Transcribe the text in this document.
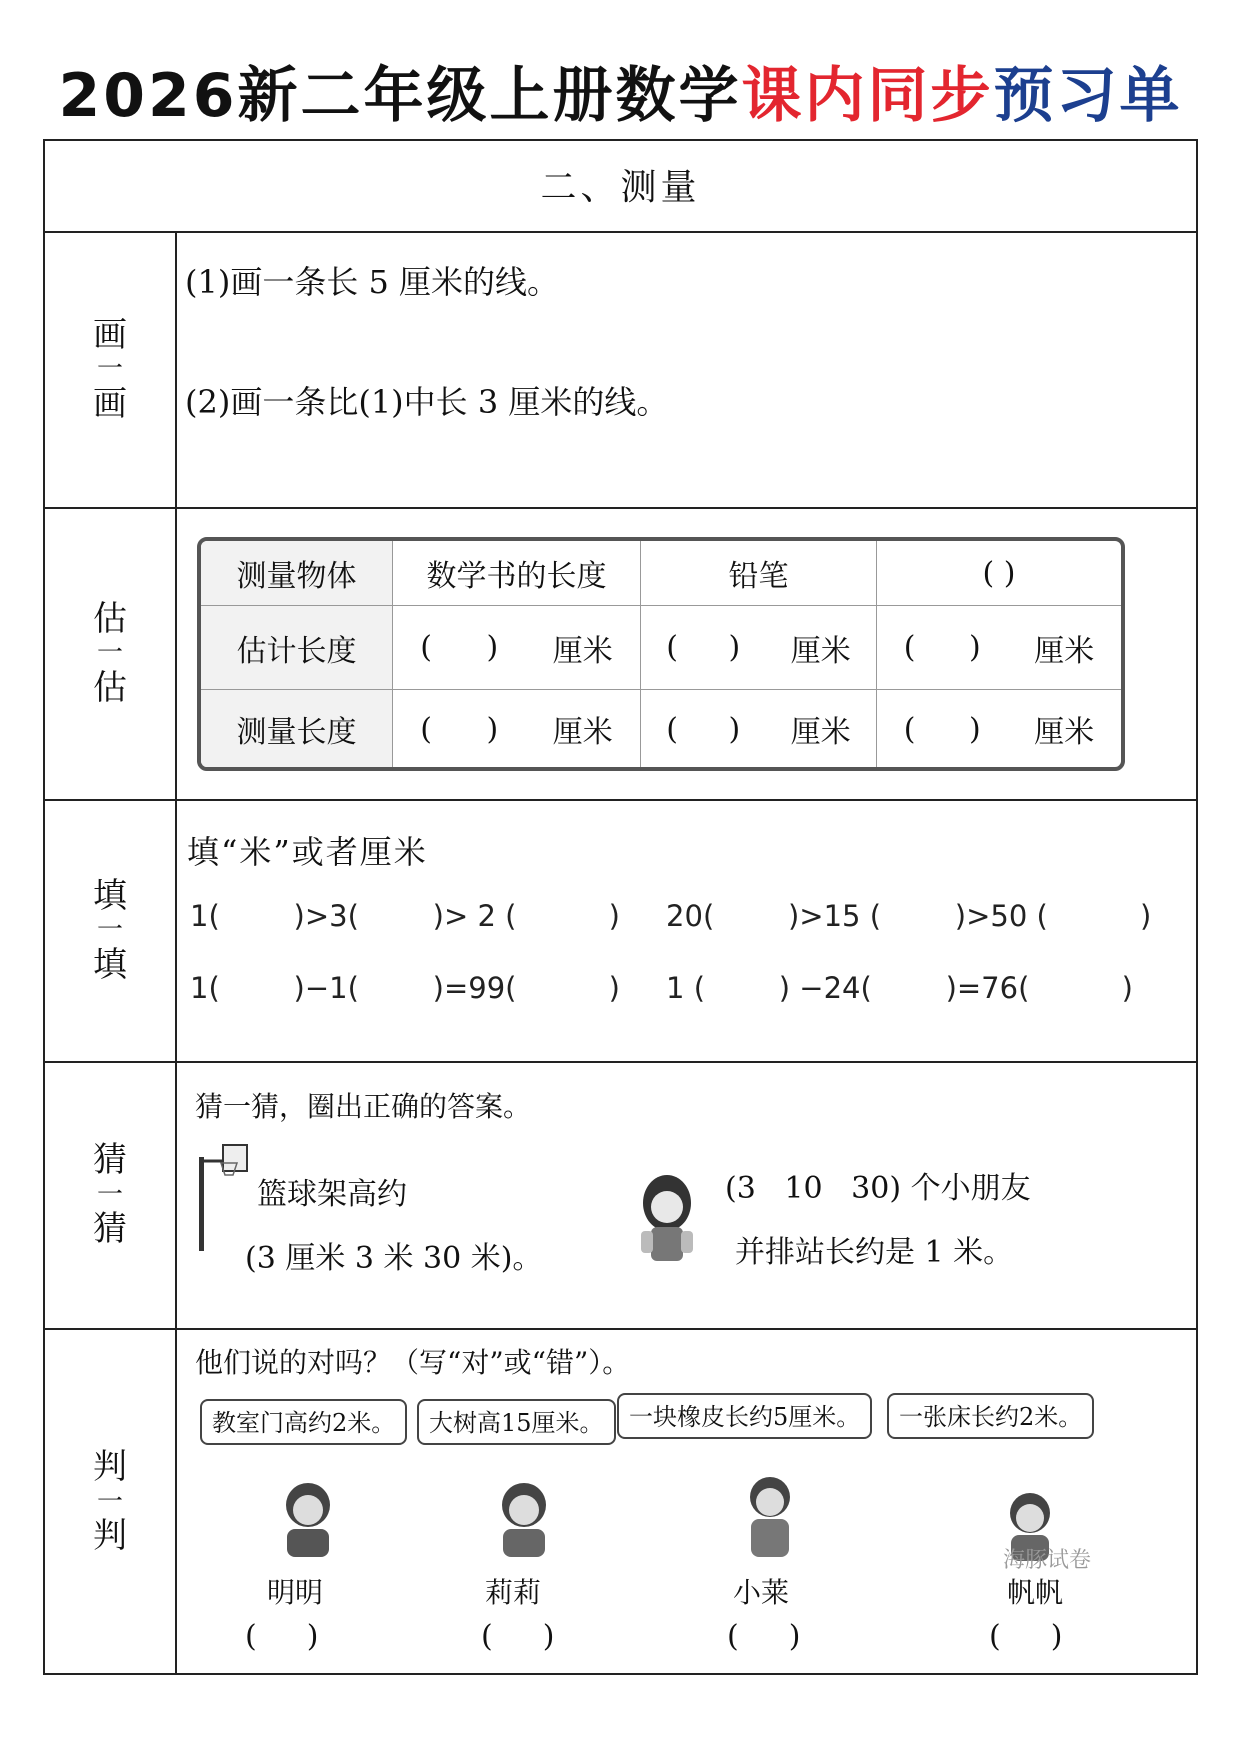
2026新二年级上册数学课内同步预习单
二、测量
画
一
画
(1)画一条长 5 厘米的线。
(2)画一条比(1)中长 3 厘米的线。
估
一
估
测量物体	数学书的长度	铅笔	( )
估计长度	( ) 厘米 ( ) 厘米 ( ) 厘米
测量长度	( ) 厘米 ( ) 厘米 ( ) 厘米
填
一
填
填“米”或者厘米
1(        )>3(        )> 2 (          )     20(        )>15 (        )>50 (          )
1(        )−1(        )=99(          )     1 (        ) −24(        )=76(          )
猜
一
猜
猜一猜，圈出正确的答案。
篮球架高约
(3 厘米 3 米 30 米)。
(3   10   30) 个小朋友
并排站长约是 1 米。
判
一
判
他们说的对吗？（写“对”或“错”）。
教室门高约2米。	大树高15厘米。	一块橡皮长约5厘米。	一张床长约2米。
海豚试卷
明明	莉莉	小莱	帆帆
()	()	()	()
